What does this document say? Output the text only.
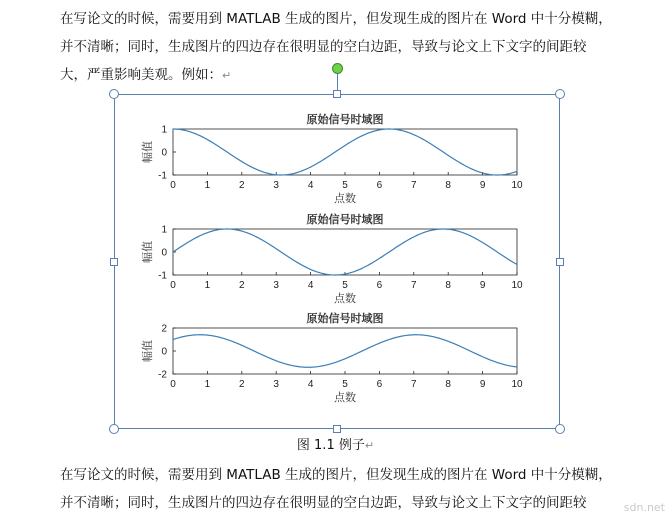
在写论文的时候，需要用到 MATLAB 生成的图片，但发现生成的图片在 Word 中十分模糊，
并不清晰；同时，生成图片的四边存在很明显的空白边距，导致与论文上下文字的间距较
大，严重影响美观。例如：↵
0	1	2	3	4	5	6	7	8	9	10
-1
0
1
原始信号时域图
点数
幅值
0	1	2	3	4	5	6	7	8	9	10
-1
0
1
原始信号时域图
点数
幅值
0	1	2	3	4	5	6	7	8	9	10
-2
0
2
原始信号时域图
点数
幅值
图 1.1 例子↵
在写论文的时候，需要用到 MATLAB 生成的图片，但发现生成的图片在 Word 中十分模糊，
并不清晰；同时，生成图片的四边存在很明显的空白边距，导致与论文上下文字的间距较	sdn.net
